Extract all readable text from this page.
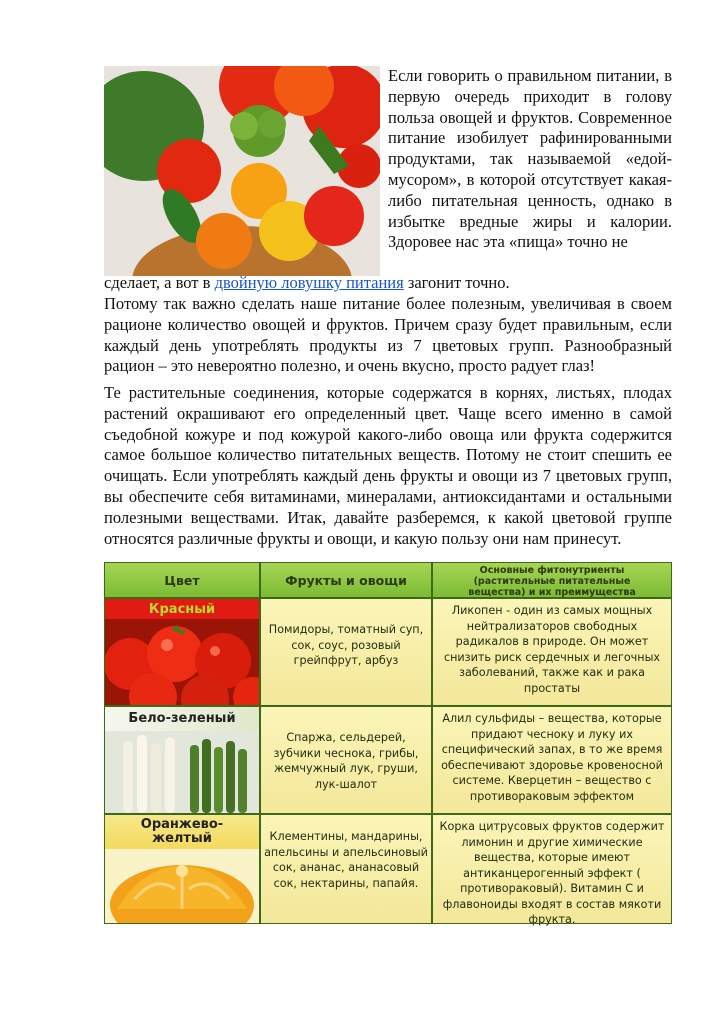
Если говорить о правильном питании, в первую очередь приходит в голову польза овощей и фруктов. Современное питание изобилует рафинированными продуктами, так называемой «едой-мусором», в которой отсутствует какая-либо питательная ценность, однако в избытке вредные жиры и калории. Здоровее нас эта «пища» точно не

сделает, а вот в двойную ловушку питания загонит точно.

Потому так важно сделать наше питание более полезным, увеличивая в своем рационе количество овощей и фруктов. Причем сразу будет правильным, если каждый день употреблять продукты из 7 цветовых групп. Разнообразный рацион – это невероятно полезно, и очень вкусно, просто радует глаз!

Те растительные соединения, которые содержатся в корнях, листьях, плодах растений окрашивают его определенный цвет. Чаще всего именно в самой съедобной кожуре и под кожурой какого-либо овоща или фрукта содержится самое большое количество питательных веществ. Потому не стоит спешить ее очищать. Если употреблять каждый день фрукты и овощи из 7 цветовых групп, вы обеспечите себя витаминами, минералами, антиоксидантами и остальными полезными веществами. Итак, давайте разберемся, к какой цветовой группе относятся различные фрукты и овощи, и какую пользу они нам принесут.

Цвет	Фрукты и овощи
Основные фитонутриенты (растительные питательные вещества) и их преимущества
Красный
Помидоры, томатный суп, сок, соус, розовый грейпфрут, арбуз
Ликопен - один из самых мощных нейтрализаторов свободных радикалов в природе. Он может снизить риск сердечных и легочных заболеваний, также как и рака простаты
Бело-зеленый
Спаржа, сельдерей, зубчики чеснока, грибы, жемчужный лук, груши, лук-шалот
Алил сульфиды – вещества, которые придают чесноку и луку их специфический запах, в то же время обеспечивают здоровье кровеносной системе. Кверцетин – вещество с противораковым эффектом
Оранжево-желтый	Клементины, мандарины, апельсины и апельсиновый сок, ананас, ананасовый сок, нектарины, папайя.
Корка цитрусовых фруктов содержит лимонин и другие химические вещества, которые имеют антиканцерогенный эффект ( противораковый). Витамин С и флавоноиды входят в состав мякоти фрукта.
